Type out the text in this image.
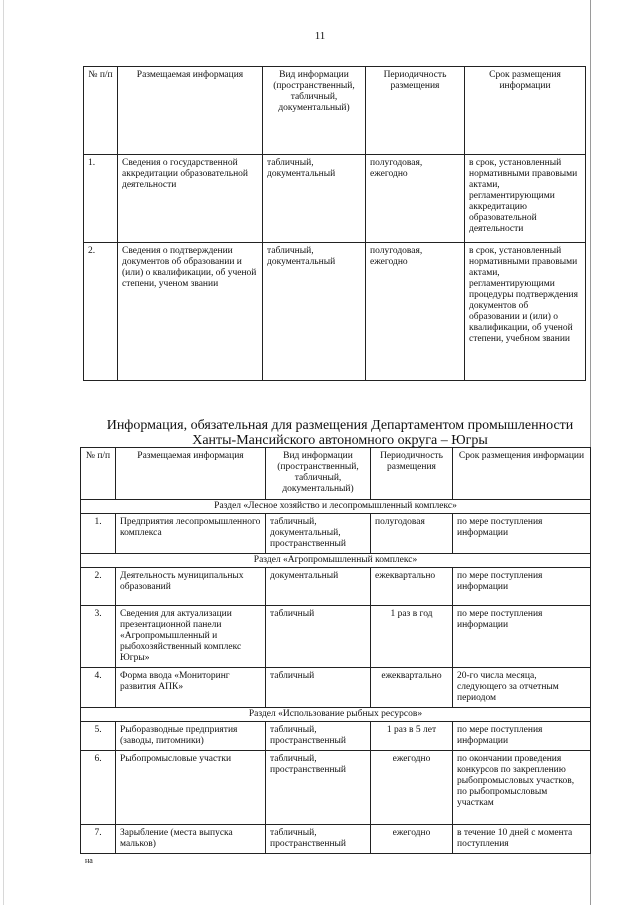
11
№ п/п	Размещаемая информация	Вид информации (пространственный, табличный, документальный)	Периодичность размещения	Срок размещения информации
1.	Сведения о государственной аккредитации образовательной деятельности	табличный, документальный	полугодовая, ежегодно	в срок, установленный нормативными правовыми актами, регламентирующими аккредитацию образовательной деятельности
2.	Сведения о подтверждении документов об образовании и (или) о квалификации, об ученой степени, ученом звании	табличный, документальный	полугодовая, ежегодно	в срок, установленный нормативными правовыми актами, регламентирующими процедуры подтверждения документов об образовании и (или) о квалификации, об ученой степени, учебном звании
Информация, обязательная для размещения Департаментом промышленности
Ханты-Мансийского автономного округа – Югры
№ п/п	Размещаемая информация	Вид информации (пространственный, табличный, документальный)	Периодичность размещения	Срок размещения информации
Раздел «Лесное хозяйство и лесопромышленный комплекс»				
1.	Предприятия лесопромышленного комплекса	табличный, документальный, пространственный	полугодовая	по мере поступления информации
Раздел «Агропромышленный комплекс»				
2.	Деятельность муниципальных образований	документальный	ежеквартально	по мере поступления информации
3.	Сведения для актуализации презентационной панели «Агропромышленный и рыбохозяйственный комплекс Югры»	табличный	1 раз в год	по мере поступления информации
4.	Форма ввода «Мониторинг развития АПК»	табличный	ежеквартально	20-го числа месяца, следующего за отчетным периодом
Раздел «Использование рыбных ресурсов»				
5.	Рыборазводные предприятия (заводы, питомники)	табличный, пространственный	1 раз в 5 лет	по мере поступления информации
6.	Рыбопромысловые участки	табличный, пространственный	ежегодно	по окончании проведения конкурсов по закреплению рыбопромысловых участков, по рыбопромысловым участкам
7.	Зарыбление (места выпуска мальков)	табличный, пространственный	ежегодно	в течение 10 дней с момента поступления
на
